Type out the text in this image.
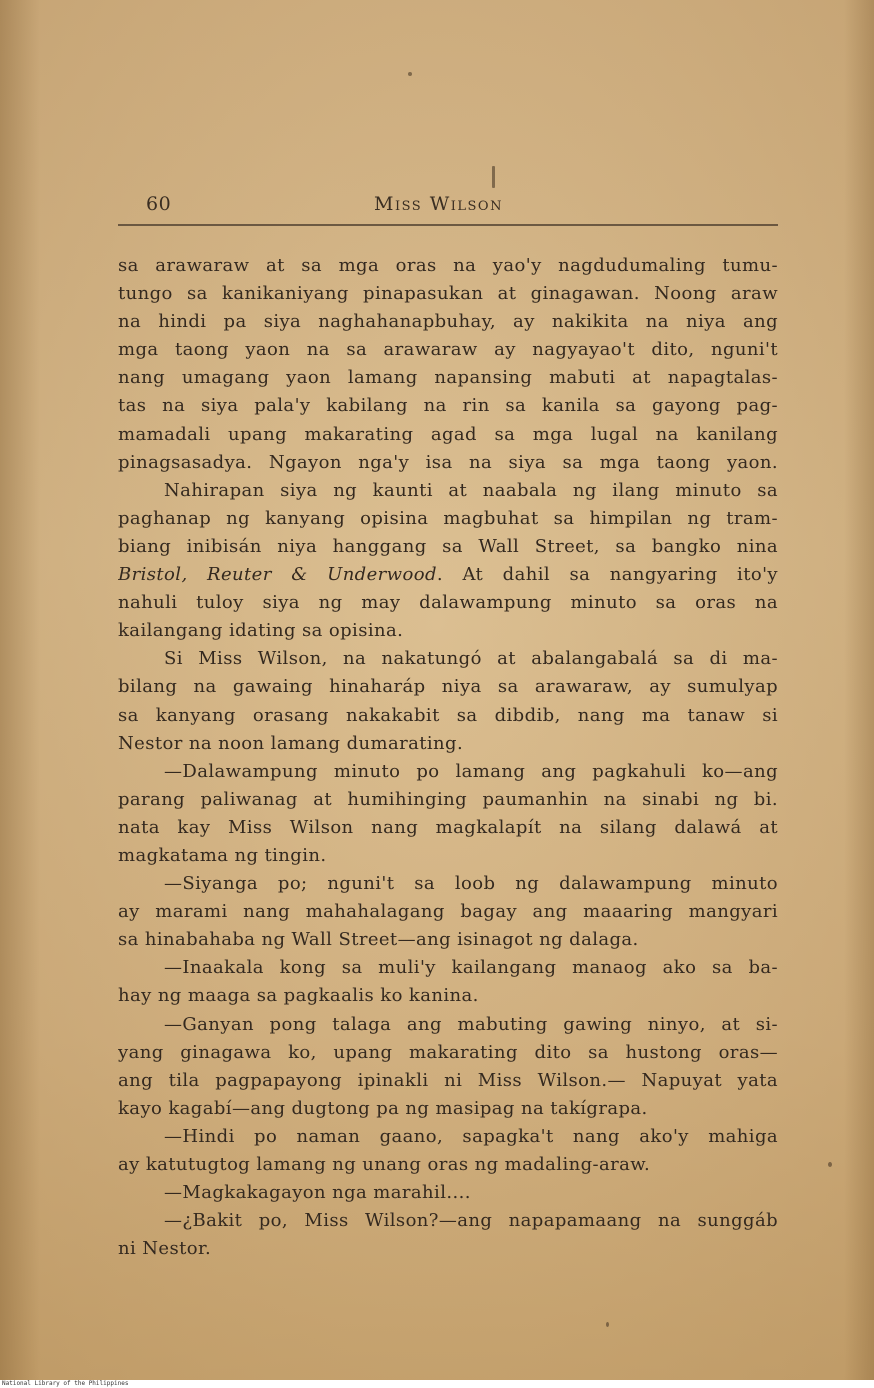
60	Miss Wilson
sa arawaraw at sa mga oras na yao'y nagdudumaling tumu-
tungo sa kanikaniyang pinapasukan at ginagawan. Noong araw
na hindi pa siya naghahanapbuhay, ay nakikita na niya ang
mga taong yaon na sa arawaraw ay nagyayao't dito, nguni't
nang umagang yaon lamang napansing mabuti at napagtalas-
tas na siya pala'y kabilang na rin sa kanila sa gayong pag-
mamadali upang makarating agad sa mga lugal na kanilang
pinagsasadya. Ngayon nga'y isa na siya sa mga taong yaon.
Nahirapan siya ng kaunti at naabala ng ilang minuto sa
paghanap ng kanyang opisina magbuhat sa himpilan ng tram-
biang inibisán niya hanggang sa Wall Street, sa bangko nina
Bristol, Reuter & Underwood. At dahil sa nangyaring ito'y
nahuli tuloy siya ng may dalawampung minuto sa oras na
kailangang idating sa opisina.
Si Miss Wilson, na nakatungó at abalangabalá sa di ma-
bilang na gawaing hinaharáp niya sa arawaraw, ay sumulyap
sa kanyang orasang nakakabit sa dibdib, nang ma tanaw si
Nestor na noon lamang dumarating.
—Dalawampung minuto po lamang ang pagkahuli ko—ang
parang paliwanag at humihinging paumanhin na sinabi ng bi.
nata kay Miss Wilson nang magkalapít na silang dalawá at
magkatama ng tingin.
—Siyanga po; nguni't sa loob ng dalawampung minuto
ay marami nang mahahalagang bagay ang maaaring mangyari
sa hinabahaba ng Wall Street—ang isinagot ng dalaga.
—Inaakala kong sa muli'y kailangang manaog ako sa ba-
hay ng maaga sa pagkaalis ko kanina.
—Ganyan pong talaga ang mabuting gawing ninyo, at si-
yang ginagawa ko, upang makarating dito sa hustong oras—
ang tila pagpapayong ipinakli ni Miss Wilson.— Napuyat yata
kayo kagabí—ang dugtong pa ng masipag na takígrapa.
—Hindi po naman gaano, sapagka't nang ako'y mahiga
ay katutugtog lamang ng unang oras ng madaling-araw.
—Magkakagayon nga marahil....
—¿Bakit po, Miss Wilson?—ang napapamaang na sunggáb
ni Nestor.
National Library of the Philippines
